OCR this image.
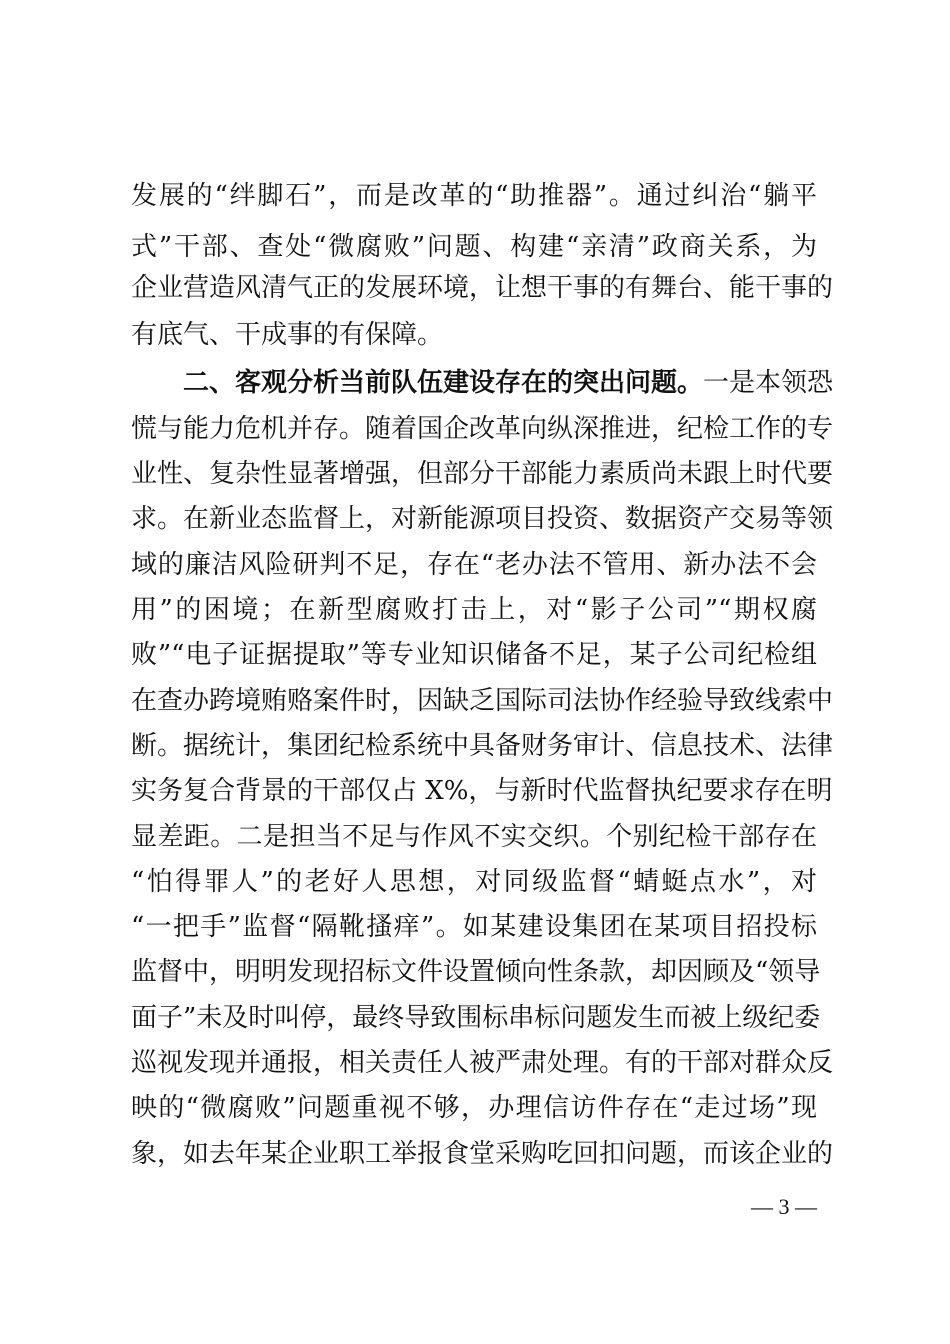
发展的“绊脚石”，而是改革的“助推器”。通过纠治“躺平
式”干部、查处“微腐败”问题、构建“亲清”政商关系，为
企业营造风清气正的发展环境，让想干事的有舞台、能干事的
有底气、干成事的有保障。
二、客观分析当前队伍建设存在的突出问题。一是本领恐
慌与能力危机并存。随着国企改革向纵深推进，纪检工作的专
业性、复杂性显著增强，但部分干部能力素质尚未跟上时代要
求。在新业态监督上，对新能源项目投资、数据资产交易等领
域的廉洁风险研判不足，存在“老办法不管用、新办法不会
用”的困境；在新型腐败打击上，对“影子公司”“期权腐
败”“电子证据提取”等专业知识储备不足，某子公司纪检组
在查办跨境贿赂案件时，因缺乏国际司法协作经验导致线索中
断。据统计，集团纪检系统中具备财务审计、信息技术、法律
实务复合背景的干部仅占 X%，与新时代监督执纪要求存在明
显差距。二是担当不足与作风不实交织。个别纪检干部存在
“怕得罪人”的老好人思想，对同级监督“蜻蜓点水”，对
“一把手”监督“隔靴搔痒”。如某建设集团在某项目招投标
监督中，明明发现招标文件设置倾向性条款，却因顾及“领导
面子”未及时叫停，最终导致围标串标问题发生而被上级纪委
巡视发现并通报，相关责任人被严肃处理。有的干部对群众反
映的“微腐败”问题重视不够，办理信访件存在“走过场”现
象，如去年某企业职工举报食堂采购吃回扣问题，而该企业的
— 3 —
